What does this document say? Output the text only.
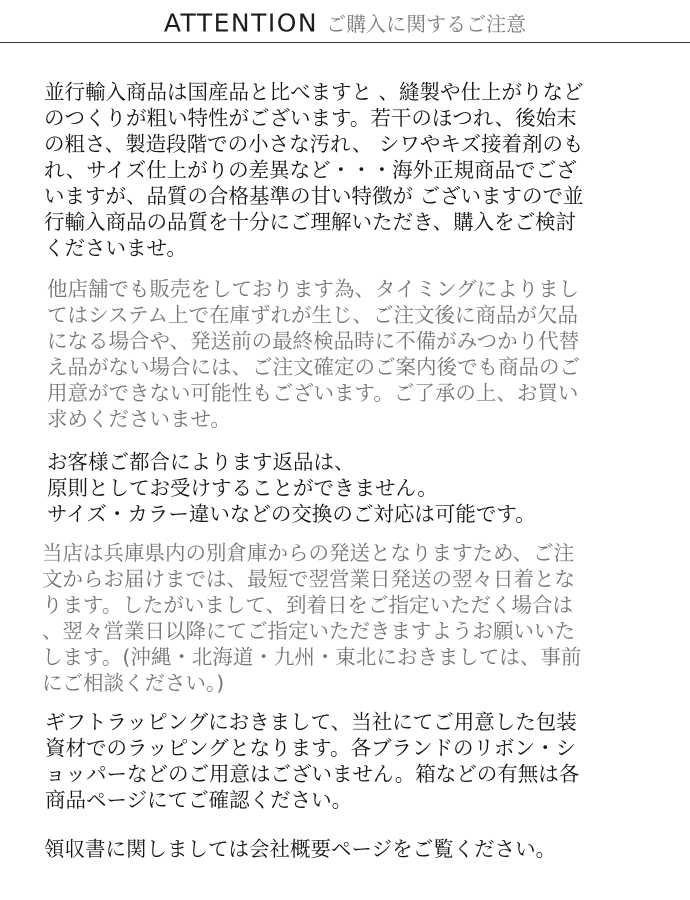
ATTENTION ご購入に関するご注意
並行輸入商品は国産品と比べますと 、縫製や仕上がりなど
のつくりが粗い特性がございます。若干のほつれ、後始末
の粗さ、製造段階での小さな汚れ、 シワやキズ接着剤のも
れ、サイズ仕上がりの差異など・・・海外正規商品でござ
いますが、品質の合格基準の甘い特徴が ございますので並
行輸入商品の品質を十分にご理解いただき、購入をご検討
くださいませ。
他店舗でも販売をしております為、タイミングによりまし
てはシステム上で在庫ずれが生じ、ご注文後に商品が欠品
になる場合や、発送前の最終検品時に不備がみつかり代替
え品がない場合には、ご注文確定のご案内後でも商品のご
用意ができない可能性もございます。ご了承の上、お買い
求めくださいませ。
お客様ご都合によります返品は、
原則としてお受けすることができません。
サイズ・カラー違いなどの交換のご対応は可能です。
当店は兵庫県内の別倉庫からの発送となりますため、ご注
文からお届けまでは、最短で翌営業日発送の翌々日着とな
ります。したがいまして、到着日をご指定いただく場合は
、翌々営業日以降にてご指定いただきますようお願いいた
します。(沖縄・北海道・九州・東北におきましては、事前
にご相談ください。)
ギフトラッピングにおきまして、当社にてご用意した包装
資材でのラッピングとなります。各ブランドのリボン・シ
ョッパーなどのご用意はございません。箱などの有無は各
商品ページにてご確認ください。
領収書に関しましては会社概要ページをご覧ください。
